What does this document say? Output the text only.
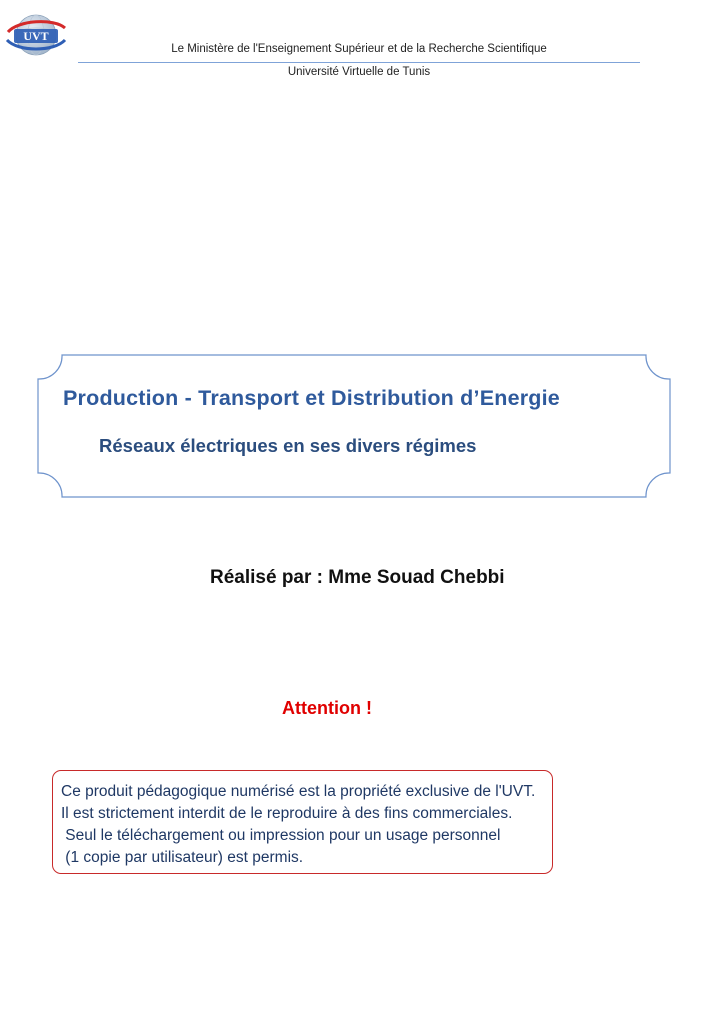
UVT
Le Ministère de l'Enseignement Supérieur et de la Recherche Scientifique
Université Virtuelle de Tunis
Production - Transport et Distribution d’Energie
Réseaux électriques en ses divers régimes
Réalisé par : Mme Souad Chebbi
Attention !
Ce produit pédagogique numérisé est la propriété exclusive de l'UVT.
Il est strictement interdit de le reproduire à des fins commerciales.
Seul le téléchargement ou impression pour un usage personnel
(1 copie par utilisateur) est permis.
